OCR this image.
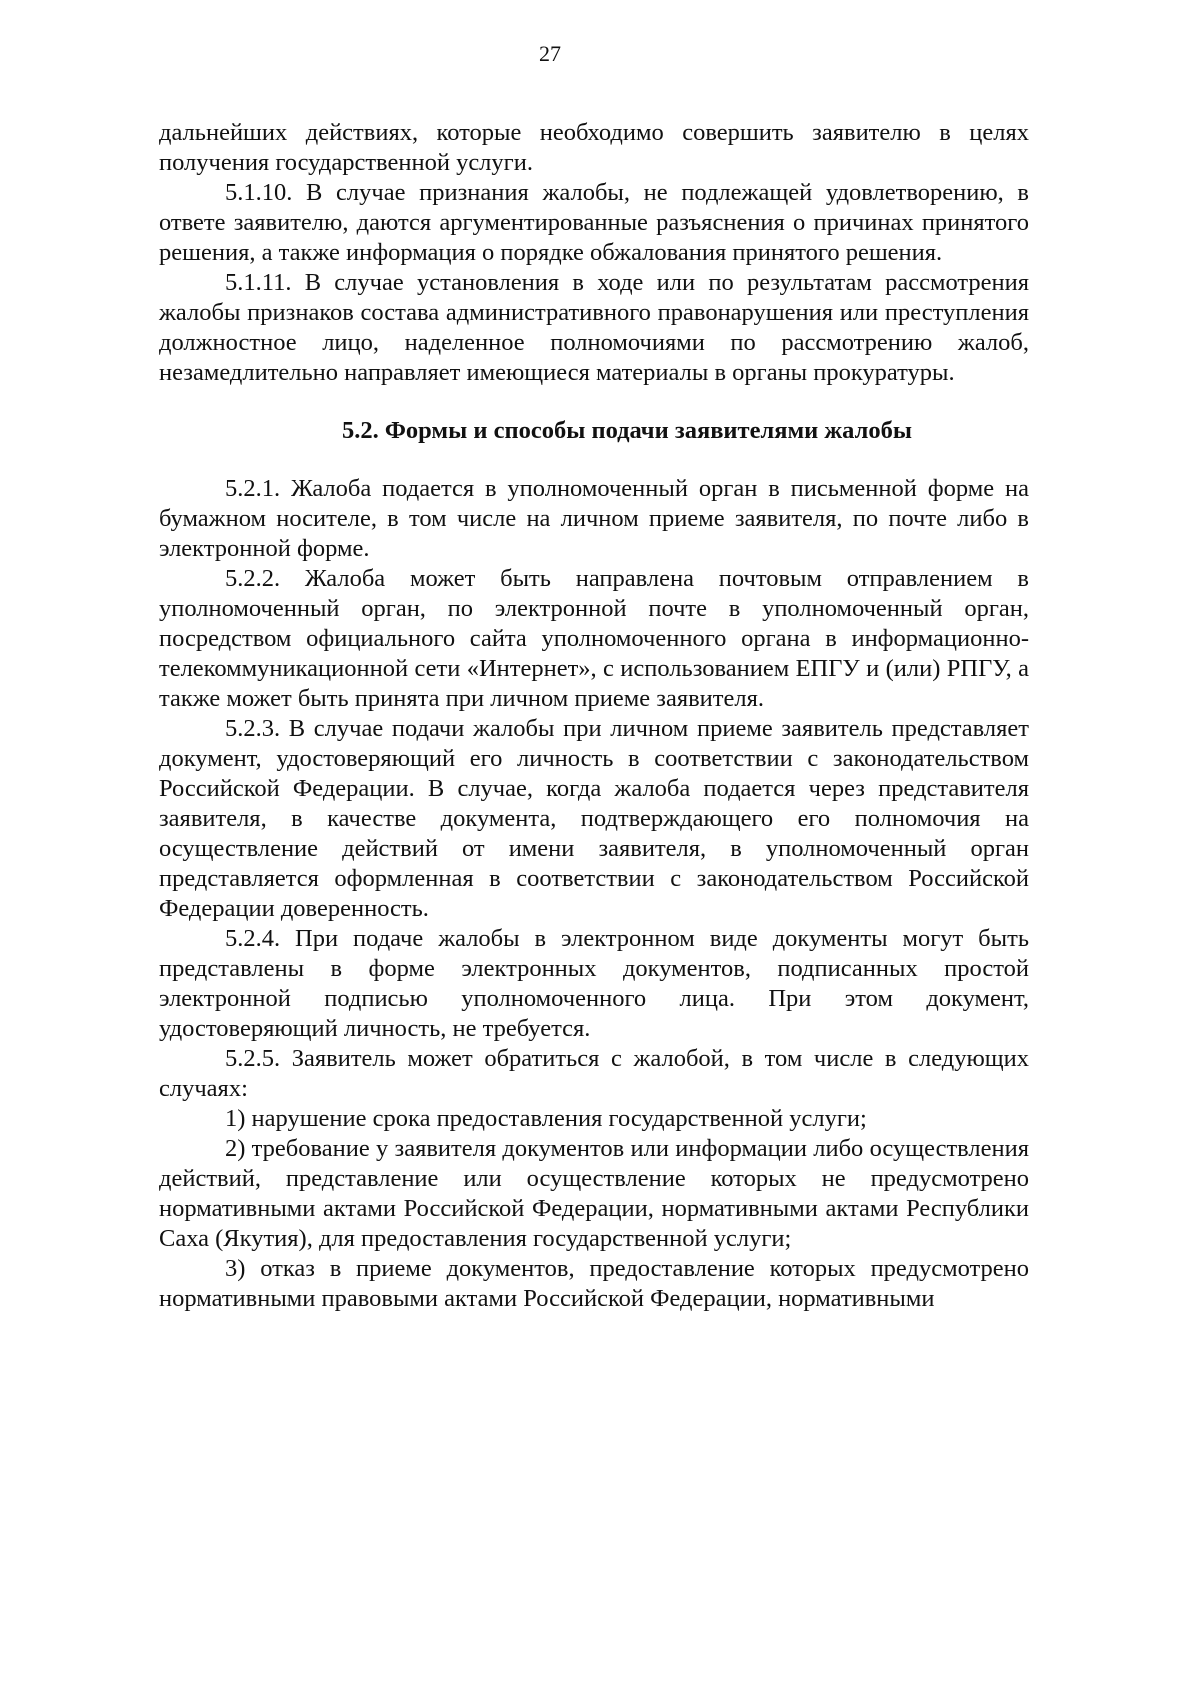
27

дальнейших действиях, которые необходимо совершить заявителю в целях получения государственной услуги.

5.1.10. В случае признания жалобы, не подлежащей удовлетворению, в ответе заявителю, даются аргументированные разъяснения о причинах принятого решения, а также информация о порядке обжалования принятого решения.

5.1.11. В случае установления в ходе или по результатам рассмотрения жалобы признаков состава административного правонарушения или преступления должностное лицо, наделенное полномочиями по рассмотрению жалоб, незамедлительно направляет имеющиеся материалы в органы прокуратуры.

5.2. Формы и способы подачи заявителями жалобы

5.2.1. Жалоба подается в уполномоченный орган в письменной форме на бумажном носителе, в том числе на личном приеме заявителя, по почте либо в электронной форме.

5.2.2. Жалоба может быть направлена почтовым отправлением в уполномоченный орган, по электронной почте в уполномоченный орган, посредством официального сайта уполномоченного органа в информационно-телекоммуникационной сети «Интернет», с использованием ЕПГУ и (или) РПГУ, а также может быть принята при личном приеме заявителя.

5.2.3. В случае подачи жалобы при личном приеме заявитель представляет документ, удостоверяющий его личность в соответствии с законодательством Российской Федерации. В случае, когда жалоба подается через представителя заявителя, в качестве документа, подтверждающего его полномочия на осуществление действий от имени заявителя, в уполномоченный орган представляется оформленная в соответствии с законодательством Российской Федерации доверенность.

5.2.4. При подаче жалобы в электронном виде документы могут быть представлены в форме электронных документов, подписанных простой электронной подписью уполномоченного лица. При этом документ, удостоверяющий личность, не требуется.

5.2.5. Заявитель может обратиться с жалобой, в том числе в следующих случаях:

1) нарушение срока предоставления государственной услуги;

2) требование у заявителя документов или информации либо осуществления действий, представление или осуществление которых не предусмотрено нормативными актами Российской Федерации, нормативными актами Республики Саха (Якутия), для предоставления государственной услуги;

3) отказ в приеме документов, предоставление которых предусмотрено нормативными правовыми актами Российской Федерации, нормативными
